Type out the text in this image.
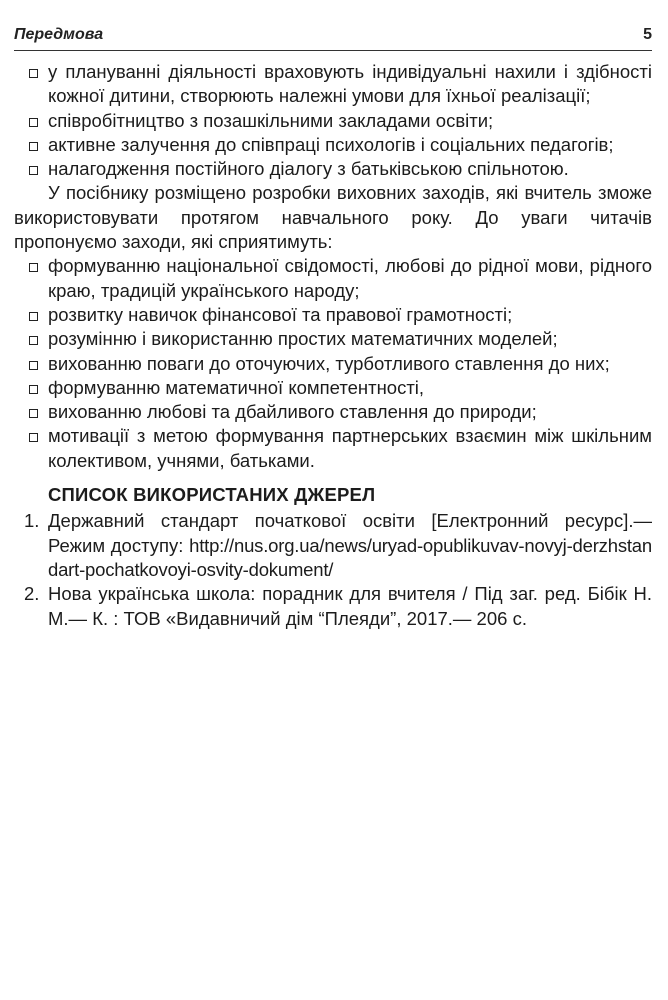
Передмова	5
у плануванні діяльності враховують індивідуальні нахили і здібності кожної дитини, створюють належні умови для їхньої реалізації;
співробітництво з позашкільними закладами освіти;
активне залучення до співпраці психологів і соціальних педагогів;
налагодження постійного діалогу з батьківською спільнотою.

У посібнику розміщено розробки виховних заходів, які вчитель зможе використовувати протягом навчального року. До уваги читачів пропонуємо заходи, які сприятимуть:

формуванню національної свідомості, любові до рідної мови, рідного краю, традицій українського народу;
розвитку навичок фінансової та правової грамотності;
розумінню і використанню простих математичних моделей;
вихованню поваги до оточуючих, турботливого ставлення до них;
формуванню математичної компетентності,
вихованню любові та дбайливого ставлення до природи;
мотивації з метою формування партнерських взаємин між шкільним колективом, учнями, батьками.
СПИСОК ВИКОРИСТАНИХ ДЖЕРЕЛ
1. Державний стандарт початкової освіти [Електронний ресурс].— Режим доступу: http://nus.org.ua/news/uryad-opublikuvav-novyj-derzhstandart-pochatkovoyi-osvity-dokument/
2. Нова українська школа: порадник для вчителя / Під заг. ред. Бібік Н. М.— К. : ТОВ «Видавничий дім “Плеяди”, 2017.— 206 с.
